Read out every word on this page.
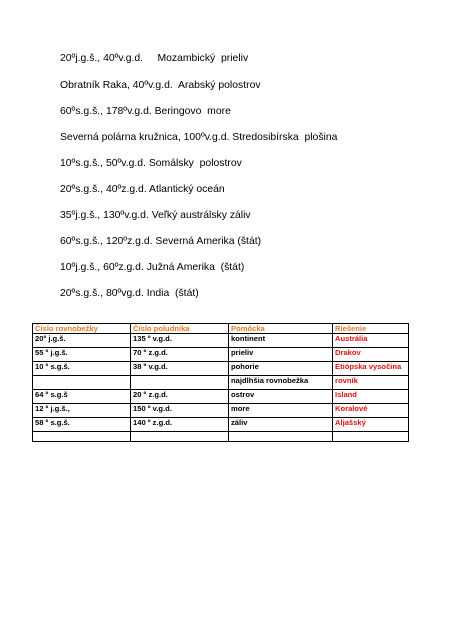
20ºj.g.š., 40ºv.g.d.     Mozambický  prieliv
Obratník Raka, 40ºv.g.d.  Arabský polostrov
60ºs.g.š., 178ºv.g.d. Beringovo  more
Severná polárna kružnica, 100ºv.g.d. Stredosibírska  plošina
10ºs.g.š., 50ºv.g.d. Somálsky  polostrov
20ºs.g.š., 40ºz.g.d. Atlantický oceán
35ºj.g.š., 130ºv.g.d. Veľký austrálsky záliv
60ºs.g.š., 120ºz.g.d. Severná Amerika (štát)
10ºj.g.š., 60ºz.g.d. Južná Amerika  (štát)
20ºs.g.š., 80ºvg.d. India  (štát)
Číslo rovnobežky	Číslo poludníka	Pomôcka	Riešenie
20º j.g.š.	135 º v.g.d.	kontinent	Austrália
55 º j.g.š.	70 º z.g.d.	prieliv	Drakov
10 º s.g.š.	38 º v.g.d.	pohorie	Etiópska vysočina
		najdlhšia rovnobežka	rovník
64 º s.g.š	20 º z.g.d.	ostrov	Island
12 º j.g.š.,	150 º v.g.d.	more	Koralové
58 º s.g.š.	140 º z.g.d.	záliv	Aljašský
